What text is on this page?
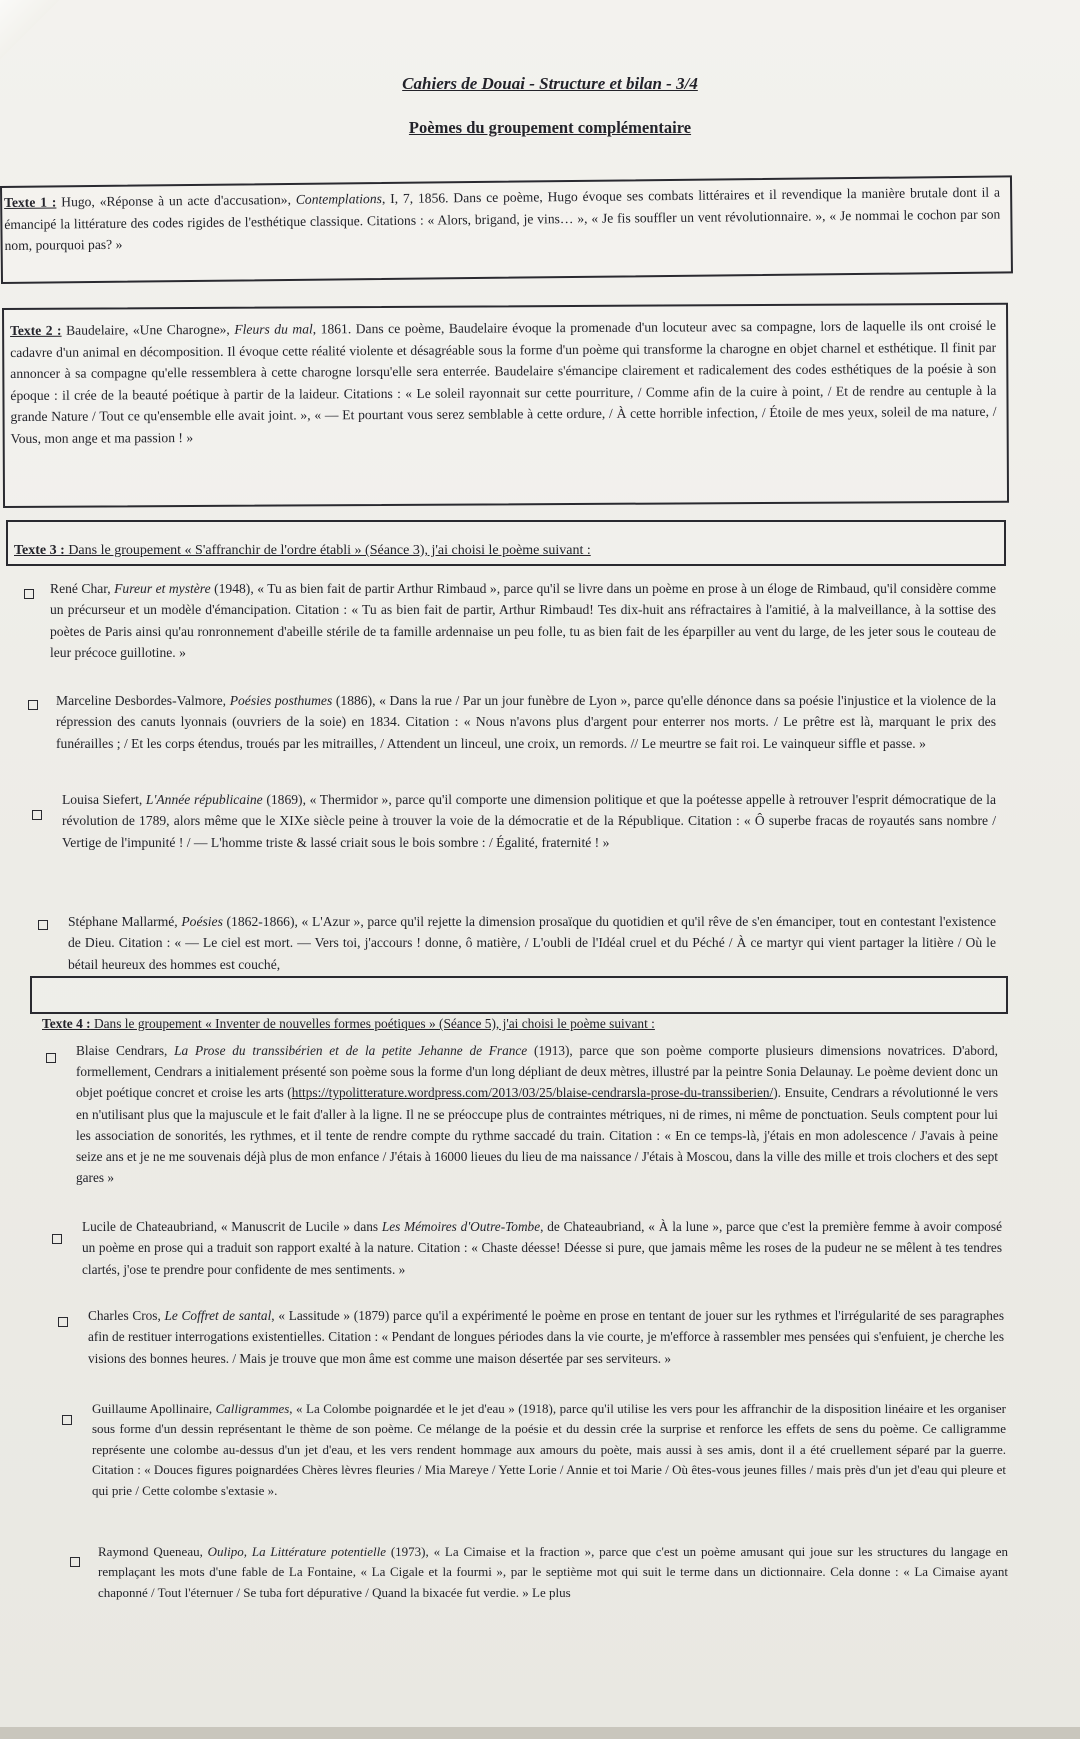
Cahiers de Douai - Structure et bilan - 3/4
Poèmes du groupement complémentaire
Texte 1 : Hugo, «Réponse à un acte d'accusation», Contemplations, I, 7, 1856. Dans ce poème, Hugo évoque ses combats littéraires et il revendique la manière brutale dont il a émancipé la littérature des codes rigides de l'esthétique classique. Citations : « Alors, brigand, je vins… », « Je fis souffler un vent révolutionnaire. », « Je nommai le cochon par son nom, pourquoi pas? »
Texte 2 : Baudelaire, «Une Charogne», Fleurs du mal, 1861. Dans ce poème, Baudelaire évoque la promenade d'un locuteur avec sa compagne, lors de laquelle ils ont croisé le cadavre d'un animal en décomposition. Il évoque cette réalité violente et désagréable sous la forme d'un poème qui transforme la charogne en objet charnel et esthétique. Il finit par annoncer à sa compagne qu'elle ressemblera à cette charogne lorsqu'elle sera enterrée. Baudelaire s'émancipe clairement et radicalement des codes esthétiques de la poésie à son époque : il crée de la beauté poétique à partir de la laideur. Citations : « Le soleil rayonnait sur cette pourriture, / Comme afin de la cuire à point, / Et de rendre au centuple à la grande Nature / Tout ce qu'ensemble elle avait joint. », « — Et pourtant vous serez semblable à cette ordure, / À cette horrible infection, / Étoile de mes yeux, soleil de ma nature, / Vous, mon ange et ma passion ! »
Texte 3 : Dans le groupement « S'affranchir de l'ordre établi » (Séance 3), j'ai choisi le poème suivant :
René Char, Fureur et mystère (1948), « Tu as bien fait de partir Arthur Rimbaud », parce qu'il se livre dans un poème en prose à un éloge de Rimbaud, qu'il considère comme un précurseur et un modèle d'émancipation. Citation : « Tu as bien fait de partir, Arthur Rimbaud! Tes dix-huit ans réfractaires à l'amitié, à la malveillance, à la sottise des poètes de Paris ainsi qu'au ronronnement d'abeille stérile de ta famille ardennaise un peu folle, tu as bien fait de les éparpiller au vent du large, de les jeter sous le couteau de leur précoce guillotine. »
Marceline Desbordes-Valmore, Poésies posthumes (1886), « Dans la rue / Par un jour funèbre de Lyon », parce qu'elle dénonce dans sa poésie l'injustice et la violence de la répression des canuts lyonnais (ouvriers de la soie) en 1834. Citation : « Nous n'avons plus d'argent pour enterrer nos morts. / Le prêtre est là, marquant le prix des funérailles ; / Et les corps étendus, troués par les mitrailles, / Attendent un linceul, une croix, un remords. // Le meurtre se fait roi. Le vainqueur siffle et passe. »
Louisa Siefert, L'Année républicaine (1869), « Thermidor », parce qu'il comporte une dimension politique et que la poétesse appelle à retrouver l'esprit démocratique de la révolution de 1789, alors même que le XIXe siècle peine à trouver la voie de la démocratie et de la République. Citation : « Ô superbe fracas de royautés sans nombre / Vertige de l'impunité ! / — L'homme triste & lassé criait sous le bois sombre : / Égalité, fraternité ! »
Stéphane Mallarmé, Poésies (1862-1866), « L'Azur », parce qu'il rejette la dimension prosaïque du quotidien et qu'il rêve de s'en émanciper, tout en contestant l'existence de Dieu. Citation : « — Le ciel est mort. — Vers toi, j'accours ! donne, ô matière, / L'oubli de l'Idéal cruel et du Péché / À ce martyr qui vient partager la litière / Où le bétail heureux des hommes est couché,
Texte 4 : Dans le groupement « Inventer de nouvelles formes poétiques » (Séance 5), j'ai choisi le poème suivant :
Blaise Cendrars, La Prose du transsibérien et de la petite Jehanne de France (1913), parce que son poème comporte plusieurs dimensions novatrices. D'abord, formellement, Cendrars a initialement présenté son poème sous la forme d'un long dépliant de deux mètres, illustré par la peintre Sonia Delaunay. Le poème devient donc un objet poétique concret et croise les arts (https://typolitterature.wordpress.com/2013/03/25/blaise-cendrarsla-prose-du-transsiberien/). Ensuite, Cendrars a révolutionné le vers en n'utilisant plus que la majuscule et le fait d'aller à la ligne. Il ne se préoccupe plus de contraintes métriques, ni de rimes, ni même de ponctuation. Seuls comptent pour lui les association de sonorités, les rythmes, et il tente de rendre compte du rythme saccadé du train. Citation : « En ce temps-là, j'étais en mon adolescence / J'avais à peine seize ans et je ne me souvenais déjà plus de mon enfance / J'étais à 16000 lieues du lieu de ma naissance / J'étais à Moscou, dans la ville des mille et trois clochers et des sept gares »
Lucile de Chateaubriand, « Manuscrit de Lucile » dans Les Mémoires d'Outre-Tombe, de Chateaubriand, « À la lune », parce que c'est la première femme à avoir composé un poème en prose qui a traduit son rapport exalté à la nature. Citation : « Chaste déesse! Déesse si pure, que jamais même les roses de la pudeur ne se mêlent à tes tendres clartés, j'ose te prendre pour confidente de mes sentiments. »
Charles Cros, Le Coffret de santal, « Lassitude » (1879) parce qu'il a expérimenté le poème en prose en tentant de jouer sur les rythmes et l'irrégularité de ses paragraphes afin de restituer interrogations existentielles. Citation : « Pendant de longues périodes dans la vie courte, je m'efforce à rassembler mes pensées qui s'enfuient, je cherche les visions des bonnes heures. / Mais je trouve que mon âme est comme une maison désertée par ses serviteurs. »
Guillaume Apollinaire, Calligrammes, « La Colombe poignardée et le jet d'eau » (1918), parce qu'il utilise les vers pour les affranchir de la disposition linéaire et les organiser sous forme d'un dessin représentant le thème de son poème. Ce mélange de la poésie et du dessin crée la surprise et renforce les effets de sens du poème. Ce calligramme représente une colombe au-dessus d'un jet d'eau, et les vers rendent hommage aux amours du poète, mais aussi à ses amis, dont il a été cruellement séparé par la guerre. Citation : « Douces figures poignardées Chères lèvres fleuries / Mia Mareye / Yette Lorie / Annie et toi Marie / Où êtes-vous jeunes filles / mais près d'un jet d'eau qui pleure et qui prie / Cette colombe s'extasie ».
Raymond Queneau, Oulipo, La Littérature potentielle (1973), « La Cimaise et la fraction », parce que c'est un poème amusant qui joue sur les structures du langage en remplaçant les mots d'une fable de La Fontaine, « La Cigale et la fourmi », par le septième mot qui suit le terme dans un dictionnaire. Cela donne : « La Cimaise ayant chaponné / Tout l'éternuer / Se tuba fort dépurative / Quand la bixacée fut verdie. » Le plus
